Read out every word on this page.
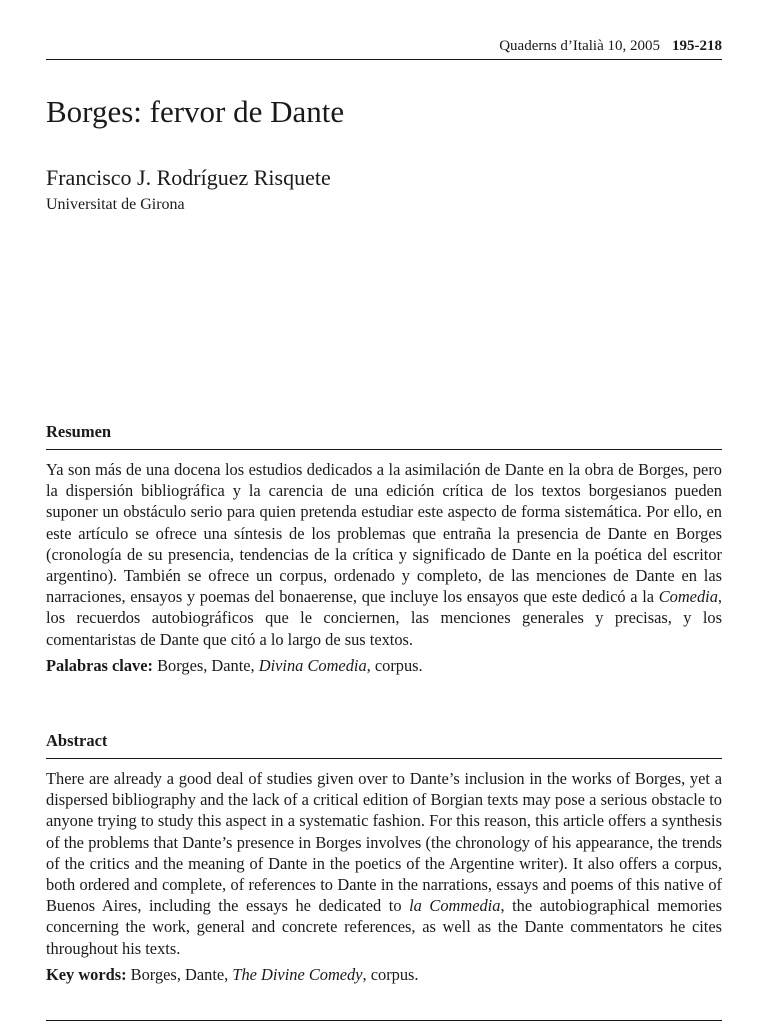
Quaderns d’Italià 10, 2005 195-218
Borges: fervor de Dante
Francisco J. Rodríguez Risquete
Universitat de Girona
Resumen

Ya son más de una docena los estudios dedicados a la asimilación de Dante en la obra de Borges, pero la dispersión bibliográfica y la carencia de una edición crítica de los textos borgesianos pueden suponer un obstáculo serio para quien pretenda estudiar este aspecto de forma sistemática. Por ello, en este artículo se ofrece una síntesis de los problemas que entraña la presencia de Dante en Borges (cronología de su presencia, tendencias de la crítica y significado de Dante en la poética del escritor argentino). También se ofrece un corpus, ordenado y completo, de las menciones de Dante en las narraciones, ensayos y poemas del bonaerense, que incluye los ensayos que este dedicó a la Comedia, los recuerdos autobiográficos que le conciernen, las menciones generales y precisas, y los comentaristas de Dante que citó a lo largo de sus textos.

Palabras clave: Borges, Dante, Divina Comedia, corpus.

Abstract

There are already a good deal of studies given over to Dante’s inclusion in the works of Borges, yet a dispersed bibliography and the lack of a critical edition of Borgian texts may pose a serious obstacle to anyone trying to study this aspect in a systematic fashion. For this reason, this article offers a synthesis of the problems that Dante’s presence in Borges involves (the chronology of his appearance, the trends of the critics and the meaning of Dante in the poetics of the Argentine writer). It also offers a corpus, both ordered and complete, of references to Dante in the narrations, essays and poems of this native of Buenos Aires, including the essays he dedicated to la Commedia, the autobiographical memories concerning the work, general and concrete references, as well as the Dante commentators he cites throughout his texts.

Key words: Borges, Dante, The Divine Comedy, corpus.
